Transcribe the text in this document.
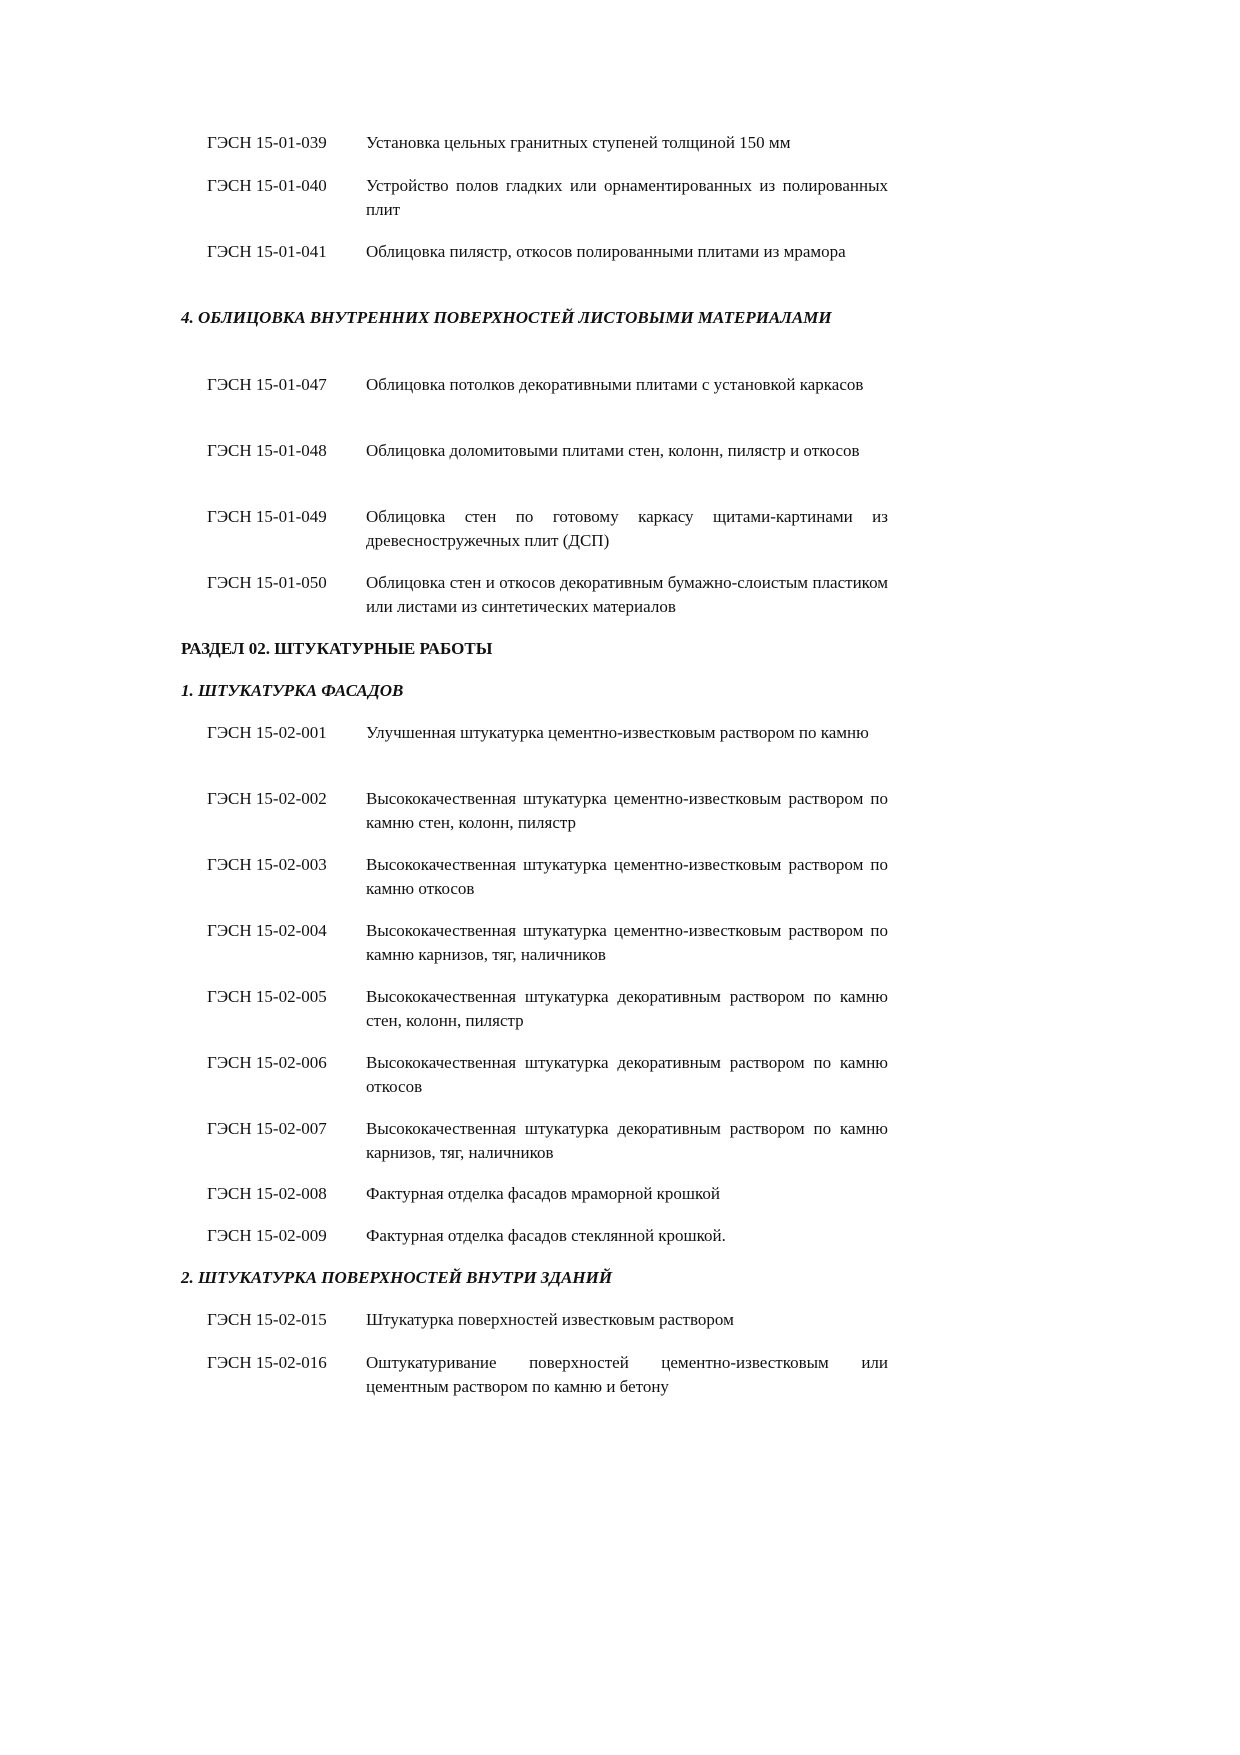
ГЭСН 15-01-039	Установка цельных гранитных ступеней толщиной 150 мм
ГЭСН 15-01-040	Устройство полов гладких или орнаментированных из полированных плит
ГЭСН 15-01-041	Облицовка пилястр, откосов полированными плитами из мрамора
4. ОБЛИЦОВКА ВНУТРЕННИХ ПОВЕРХНОСТЕЙ ЛИСТОВЫМИ МАТЕРИАЛАМИ
ГЭСН 15-01-047	Облицовка потолков декоративными плитами с установкой каркасов
ГЭСН 15-01-048	Облицовка доломитовыми плитами стен, колонн, пилястр и откосов
ГЭСН 15-01-049	Облицовка стен по готовому каркасу щитами-картинами из древесностружечных плит (ДСП)
ГЭСН 15-01-050	Облицовка стен и откосов декоративным бумажно-слоистым пластиком или листами из синтетических материалов
РАЗДЕЛ 02. ШТУКАТУРНЫЕ РАБОТЫ
1. ШТУКАТУРКА ФАСАДОВ
ГЭСН 15-02-001	Улучшенная штукатурка цементно-известковым раствором по камню
ГЭСН 15-02-002	Высококачественная штукатурка цементно-известковым раствором по камню стен, колонн, пилястр
ГЭСН 15-02-003	Высококачественная штукатурка цементно-известковым раствором по камню откосов
ГЭСН 15-02-004	Высококачественная штукатурка цементно-известковым раствором по камню карнизов, тяг, наличников
ГЭСН 15-02-005	Высококачественная штукатурка декоративным раствором по камню стен, колонн, пилястр
ГЭСН 15-02-006	Высококачественная штукатурка декоративным раствором по камню откосов
ГЭСН 15-02-007	Высококачественная штукатурка декоративным раствором по камню карнизов, тяг, наличников
ГЭСН 15-02-008	Фактурная отделка фасадов мраморной крошкой
ГЭСН 15-02-009	Фактурная отделка фасадов стеклянной крошкой.
2. ШТУКАТУРКА ПОВЕРХНОСТЕЙ ВНУТРИ ЗДАНИЙ
ГЭСН 15-02-015	Штукатурка поверхностей известковым раствором
ГЭСН 15-02-016	Оштукатуривание поверхностей цементно-известковым или цементным раствором по камню и бетону
